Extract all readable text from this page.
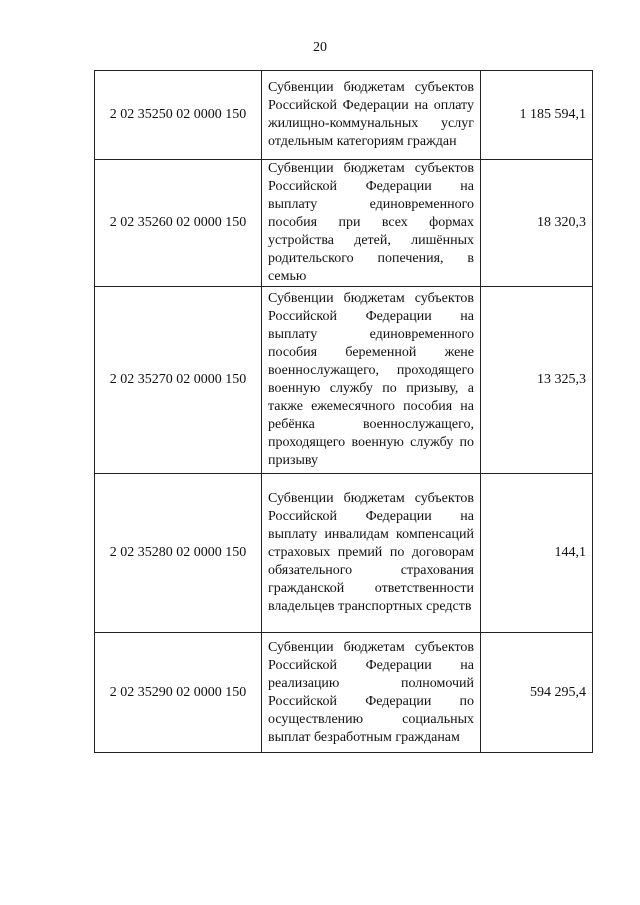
20
2 02 35250 02 0000 150	Субвенции бюджетам субъектов Российской Федерации на оплату жилищно-коммунальных услуг отдельным категориям граждан	1 185 594,1
2 02 35260 02 0000 150	Субвенции бюджетам субъектов Российской Федерации на выплату единовременного пособия при всех формах устройства детей, лишённых родительского попечения, в семью	18 320,3
2 02 35270 02 0000 150	Субвенции бюджетам субъектов Российской Федерации на выплату единовременного пособия беременной жене военнослужащего, проходящего военную службу по призыву, а также ежемесячного пособия на ребёнка военнослужащего, проходящего военную службу по призыву	13 325,3
2 02 35280 02 0000 150	Субвенции бюджетам субъектов Российской Федерации на выплату инвалидам компенсаций страховых премий по договорам обязательного страхования гражданской ответственности владельцев транспортных средств	144,1
2 02 35290 02 0000 150	Субвенции бюджетам субъектов Российской Федерации на реализацию полномочий Российской Федерации по осуществлению социальных выплат безработным гражданам	594 295,4
